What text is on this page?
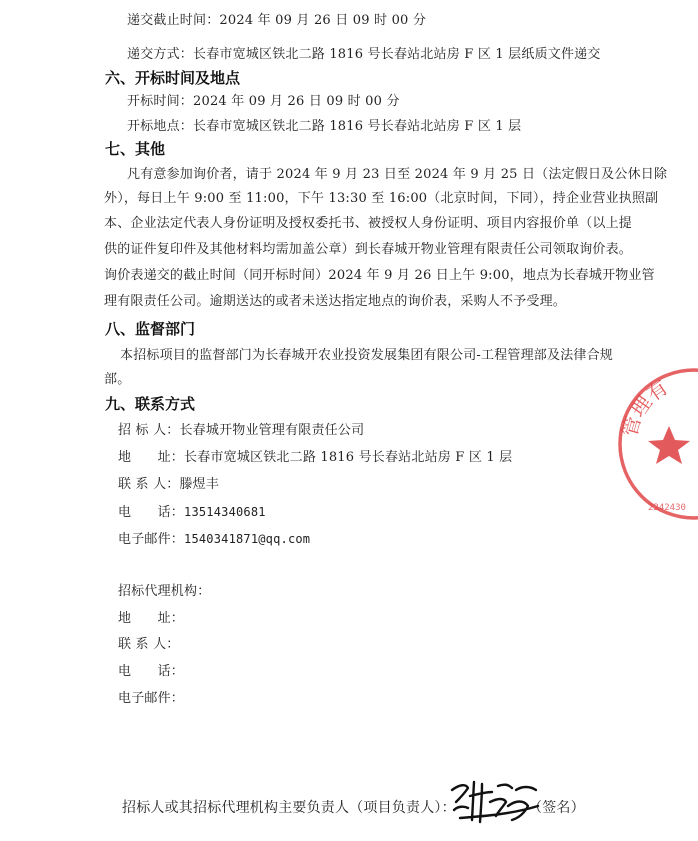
递交截止时间：2024 年 09 月 26 日 09 时 00 分
递交方式：长春市宽城区铁北二路 1816 号长春站北站房 F 区 1 层纸质文件递交
六、开标时间及地点
开标时间：2024 年 09 月 26 日 09 时 00 分
开标地点：长春市宽城区铁北二路 1816 号长春站北站房 F 区 1 层
七、其他
凡有意参加询价者，请于 2024 年 9 月 23 日至 2024 年 9 月 25 日（法定假日及公休日除
外），每日上午 9:00 至 11:00，下午 13:30 至 16:00（北京时间，下同），持企业营业执照副
本、企业法定代表人身份证明及授权委托书、被授权人身份证明、项目内容报价单（以上提
供的证件复印件及其他材料均需加盖公章）到长春城开物业管理有限责任公司领取询价表。
询价表递交的截止时间（同开标时间）2024 年 9 月 26 日上午 9:00，地点为长春城开物业管
理有限责任公司。逾期送达的或者未送达指定地点的询价表，采购人不予受理。
八、监督部门
本招标项目的监督部门为长春城开农业投资发展集团有限公司-工程管理部及法律合规
部。
九、联系方式
招 标 人：长春城开物业管理有限责任公司
地　　址：长春市宽城区铁北二路 1816 号长春站北站房 F 区 1 层
联 系 人：滕煜丰
电　　话：13514340681
电子邮件：1540341871@qq.com
招标代理机构：
地　　址：
联 系 人：
电　　话：
电子邮件：
招标人或其招标代理机构主要负责人（项目负责人）：	（签名）
管理有
2242430
